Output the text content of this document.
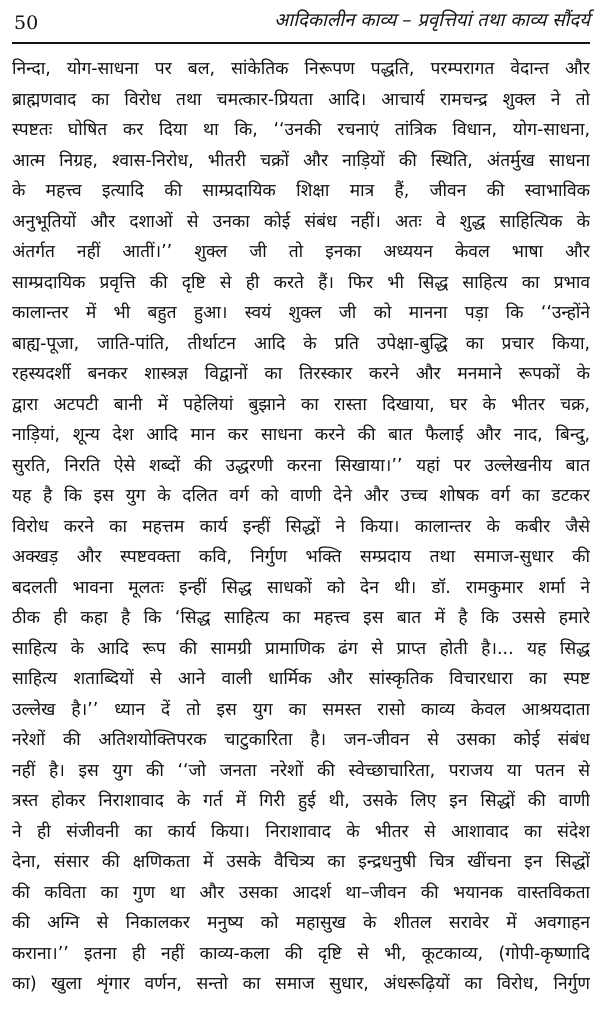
50	आदिकालीन काव्य – प्रवृत्तियां तथा काव्य सौंदर्य
निन्दा, योग-साधना पर बल, सांकेतिक निरूपण पद्धति, परम्परागत वेदान्त और
ब्राह्मणवाद का विरोध तथा चमत्कार-प्रियता आदि। आचार्य रामचन्द्र शुक्ल ने तो
स्पष्टतः घोषित कर दिया था कि, ‘‘उनकी रचनाएं तांत्रिक विधान, योग-साधना,
आत्म निग्रह, श्वास-निरोध, भीतरी चक्रों और नाड़ियों की स्थिति, अंतर्मुख साधना
के महत्त्व इत्यादि की साम्प्रदायिक शिक्षा मात्र हैं, जीवन की स्वाभाविक
अनुभूतियों और दशाओं से उनका कोई संबंध नहीं। अतः वे शुद्ध साहित्यिक के
अंतर्गत नहीं आतीं।’’ शुक्ल जी तो इनका अध्ययन केवल भाषा और
साम्प्रदायिक प्रवृत्ति की दृष्टि से ही करते हैं। फिर भी सिद्ध साहित्य का प्रभाव
कालान्तर में भी बहुत हुआ। स्वयं शुक्ल जी को मानना पड़ा कि ‘‘उन्होंने
बाह्य-पूजा, जाति-पांति, तीर्थाटन आदि के प्रति उपेक्षा-बुद्धि का प्रचार किया,
रहस्यदर्शी बनकर शास्त्रज्ञ विद्वानों का तिरस्कार करने और मनमाने रूपकों के
द्वारा अटपटी बानी में पहेलियां बुझाने का रास्ता दिखाया, घर के भीतर चक्र,
नाड़ियां, शून्य देश आदि मान कर साधना करने की बात फैलाई और नाद, बिन्दु,
सुरति, निरति ऐसे शब्दों की उद्धरणी करना सिखाया।’’ यहां पर उल्लेखनीय बात
यह है कि इस युग के दलित वर्ग को वाणी देने और उच्च शोषक वर्ग का डटकर
विरोध करने का महत्तम कार्य इन्हीं सिद्धों ने किया। कालान्तर के कबीर जैसे
अक्खड़ और स्पष्टवक्ता कवि, निर्गुण भक्ति सम्प्रदाय तथा समाज-सुधार की
बदलती भावना मूलतः इन्हीं सिद्ध साधकों को देन थी। डॉ. रामकुमार शर्मा ने
ठीक ही कहा है कि ‘सिद्ध साहित्य का महत्त्व इस बात में है कि उससे हमारे
साहित्य के आदि रूप की सामग्री प्रामाणिक ढंग से प्राप्त होती है।... यह सिद्ध
साहित्य शताब्दियों से आने वाली धार्मिक और सांस्कृतिक विचारधारा का स्पष्ट
उल्लेख है।’’ ध्यान दें तो इस युग का समस्त रासो काव्य केवल आश्रयदाता
नरेशों की अतिशयोक्तिपरक चाटुकारिता है। जन-जीवन से उसका कोई संबंध
नहीं है। इस युग की ‘‘जो जनता नरेशों की स्वेच्छाचारिता, पराजय या पतन से
त्रस्त होकर निराशावाद के गर्त में गिरी हुई थी, उसके लिए इन सिद्धों की वाणी
ने ही संजीवनी का कार्य किया। निराशावाद के भीतर से आशावाद का संदेश
देना, संसार की क्षणिकता में उसके वैचित्र्य का इन्द्रधनुषी चित्र खींचना इन सिद्धों
की कविता का गुण था और उसका आदर्श था–जीवन की भयानक वास्तविकता
की अग्नि से निकालकर मनुष्य को महासुख के शीतल सरावेर में अवगाहन
कराना।’’ इतना ही नहीं काव्य-कला की दृष्टि से भी, कूटकाव्य, (गोपी-कृष्णादि
का) खुला शृंगार वर्णन, सन्तो का समाज सुधार, अंधरूढ़ियों का विरोध, निर्गुण
